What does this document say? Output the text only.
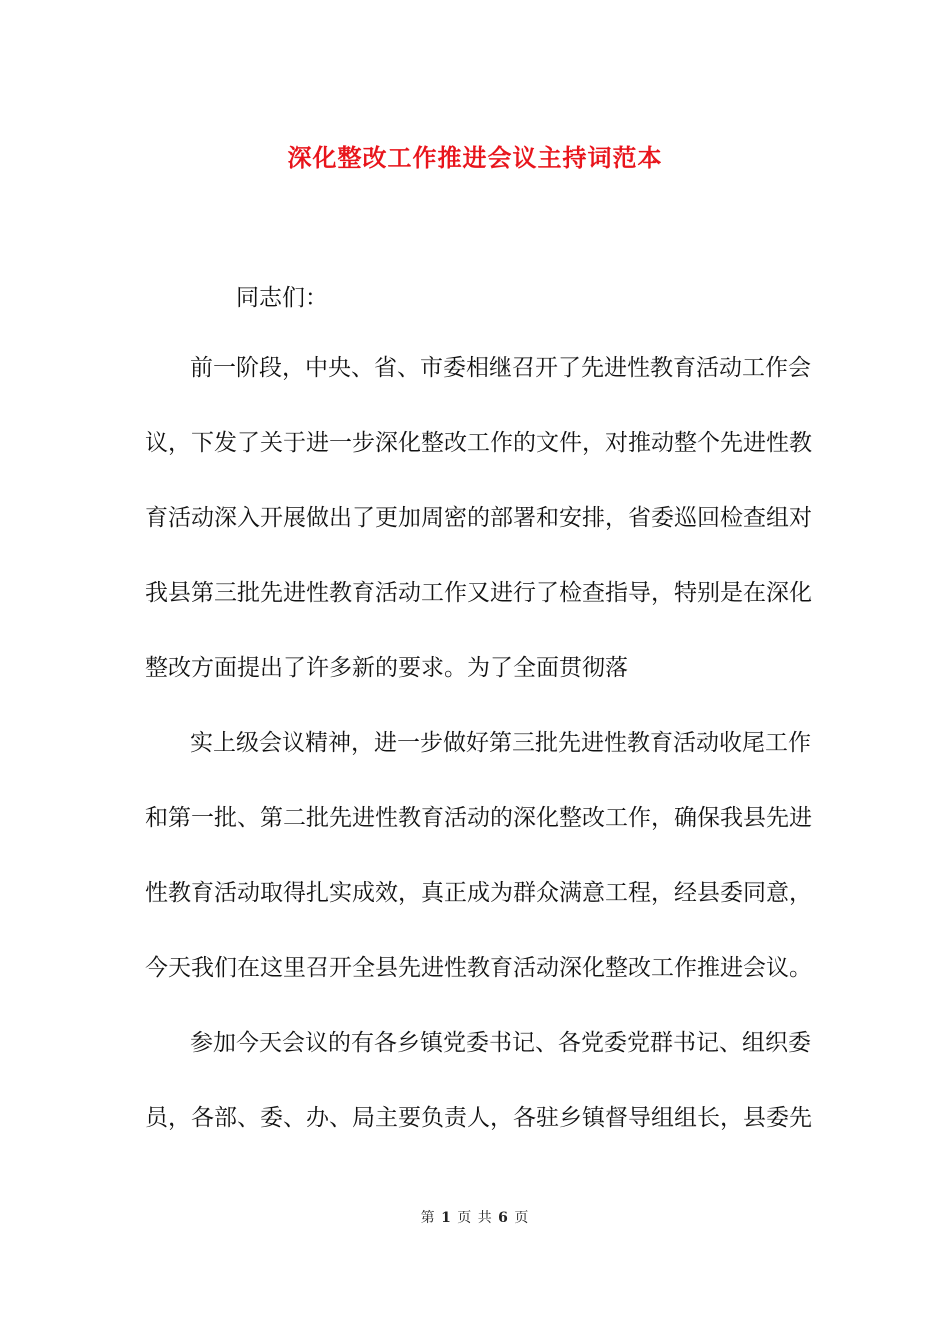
深化整改工作推进会议主持词范本
同志们：
前一阶段，中央、省、市委相继召开了先进性教育活动工作会
议，下发了关于进一步深化整改工作的文件，对推动整个先进性教
育活动深入开展做出了更加周密的部署和安排，省委巡回检查组对
我县第三批先进性教育活动工作又进行了检查指导，特别是在深化
整改方面提出了许多新的要求。为了全面贯彻落
实上级会议精神，进一步做好第三批先进性教育活动收尾工作
和第一批、第二批先进性教育活动的深化整改工作，确保我县先进
性教育活动取得扎实成效，真正成为群众满意工程，经县委同意，
今天我们在这里召开全县先进性教育活动深化整改工作推进会议。
参加今天会议的有各乡镇党委书记、各党委党群书记、组织委
员，各部、委、办、局主要负责人，各驻乡镇督导组组长，县委先
第 1 页 共 6 页
